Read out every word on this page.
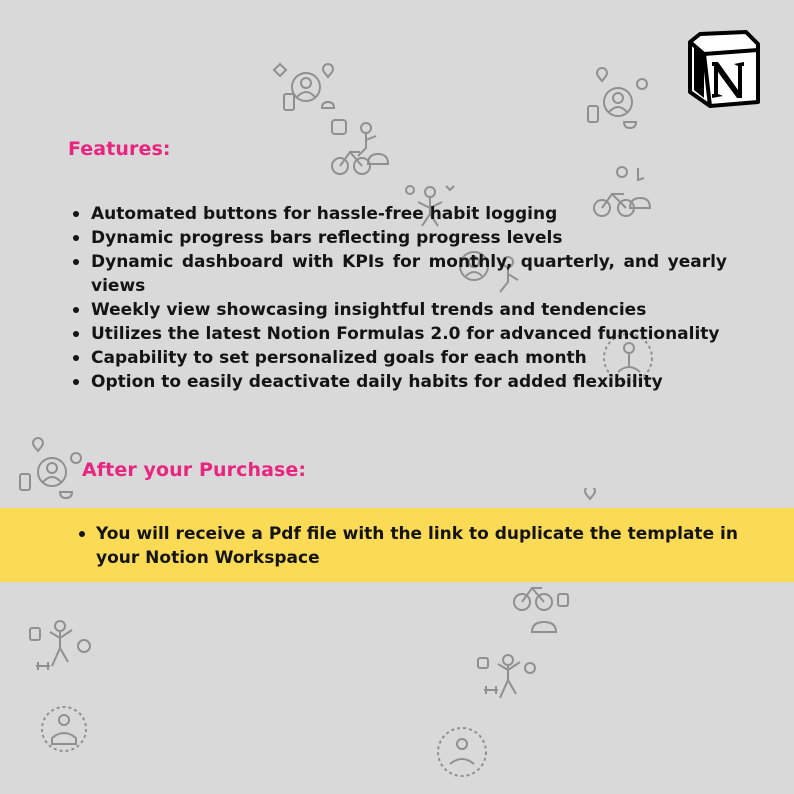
Features:
Automated buttons for hassle-free habit logging
Dynamic progress bars reflecting progress levels
Dynamic dashboard with KPIs for monthly, quarterly, and yearly views
Weekly view showcasing insightful trends and tendencies
Utilizes the latest Notion Formulas 2.0 for advanced functionality
Capability to set personalized goals for each month
Option to easily deactivate daily habits for added flexibility
After your Purchase:
You will receive a Pdf file with the link to duplicate the template in your Notion Workspace
